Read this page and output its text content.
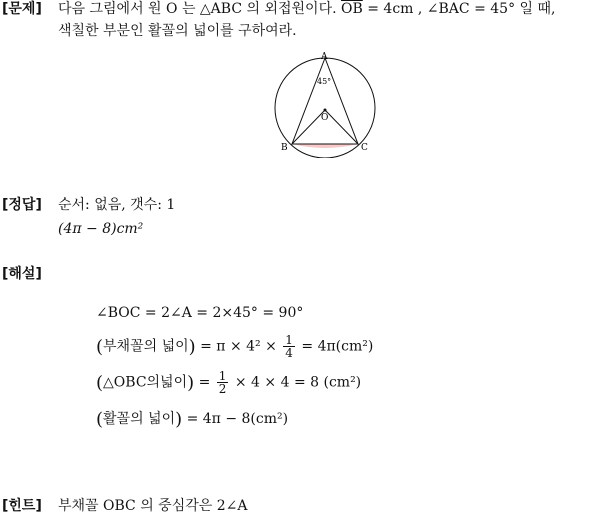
[문제] 다음 그림에서 원 O 는 △ABC 의 외접원이다. $\overline{OB} = 4cm$ , ∠BAC = 45° 일 때,
색칠한 부분인 활꼴의 넓이를 구하여라.
A
45°
O
B	C
[정답] 순서: 없음, 갯수: 1
(4π − 8)cm²
[해설]
∠BOC = 2∠A = 2×45° = 90°
(부채꼴의 넓이) = $\pi \times 4^2 \times \frac{1}{4} = 4\pi(cm^2)$
(△OBC의넓이) = $\frac{1}{2} \times 4 \times 4 = 8$ (cm²)
(활꼴의 넓이) = 4π − 8(cm²)
[힌트] 부채꼴 OBC 의 중심각은 2∠A
